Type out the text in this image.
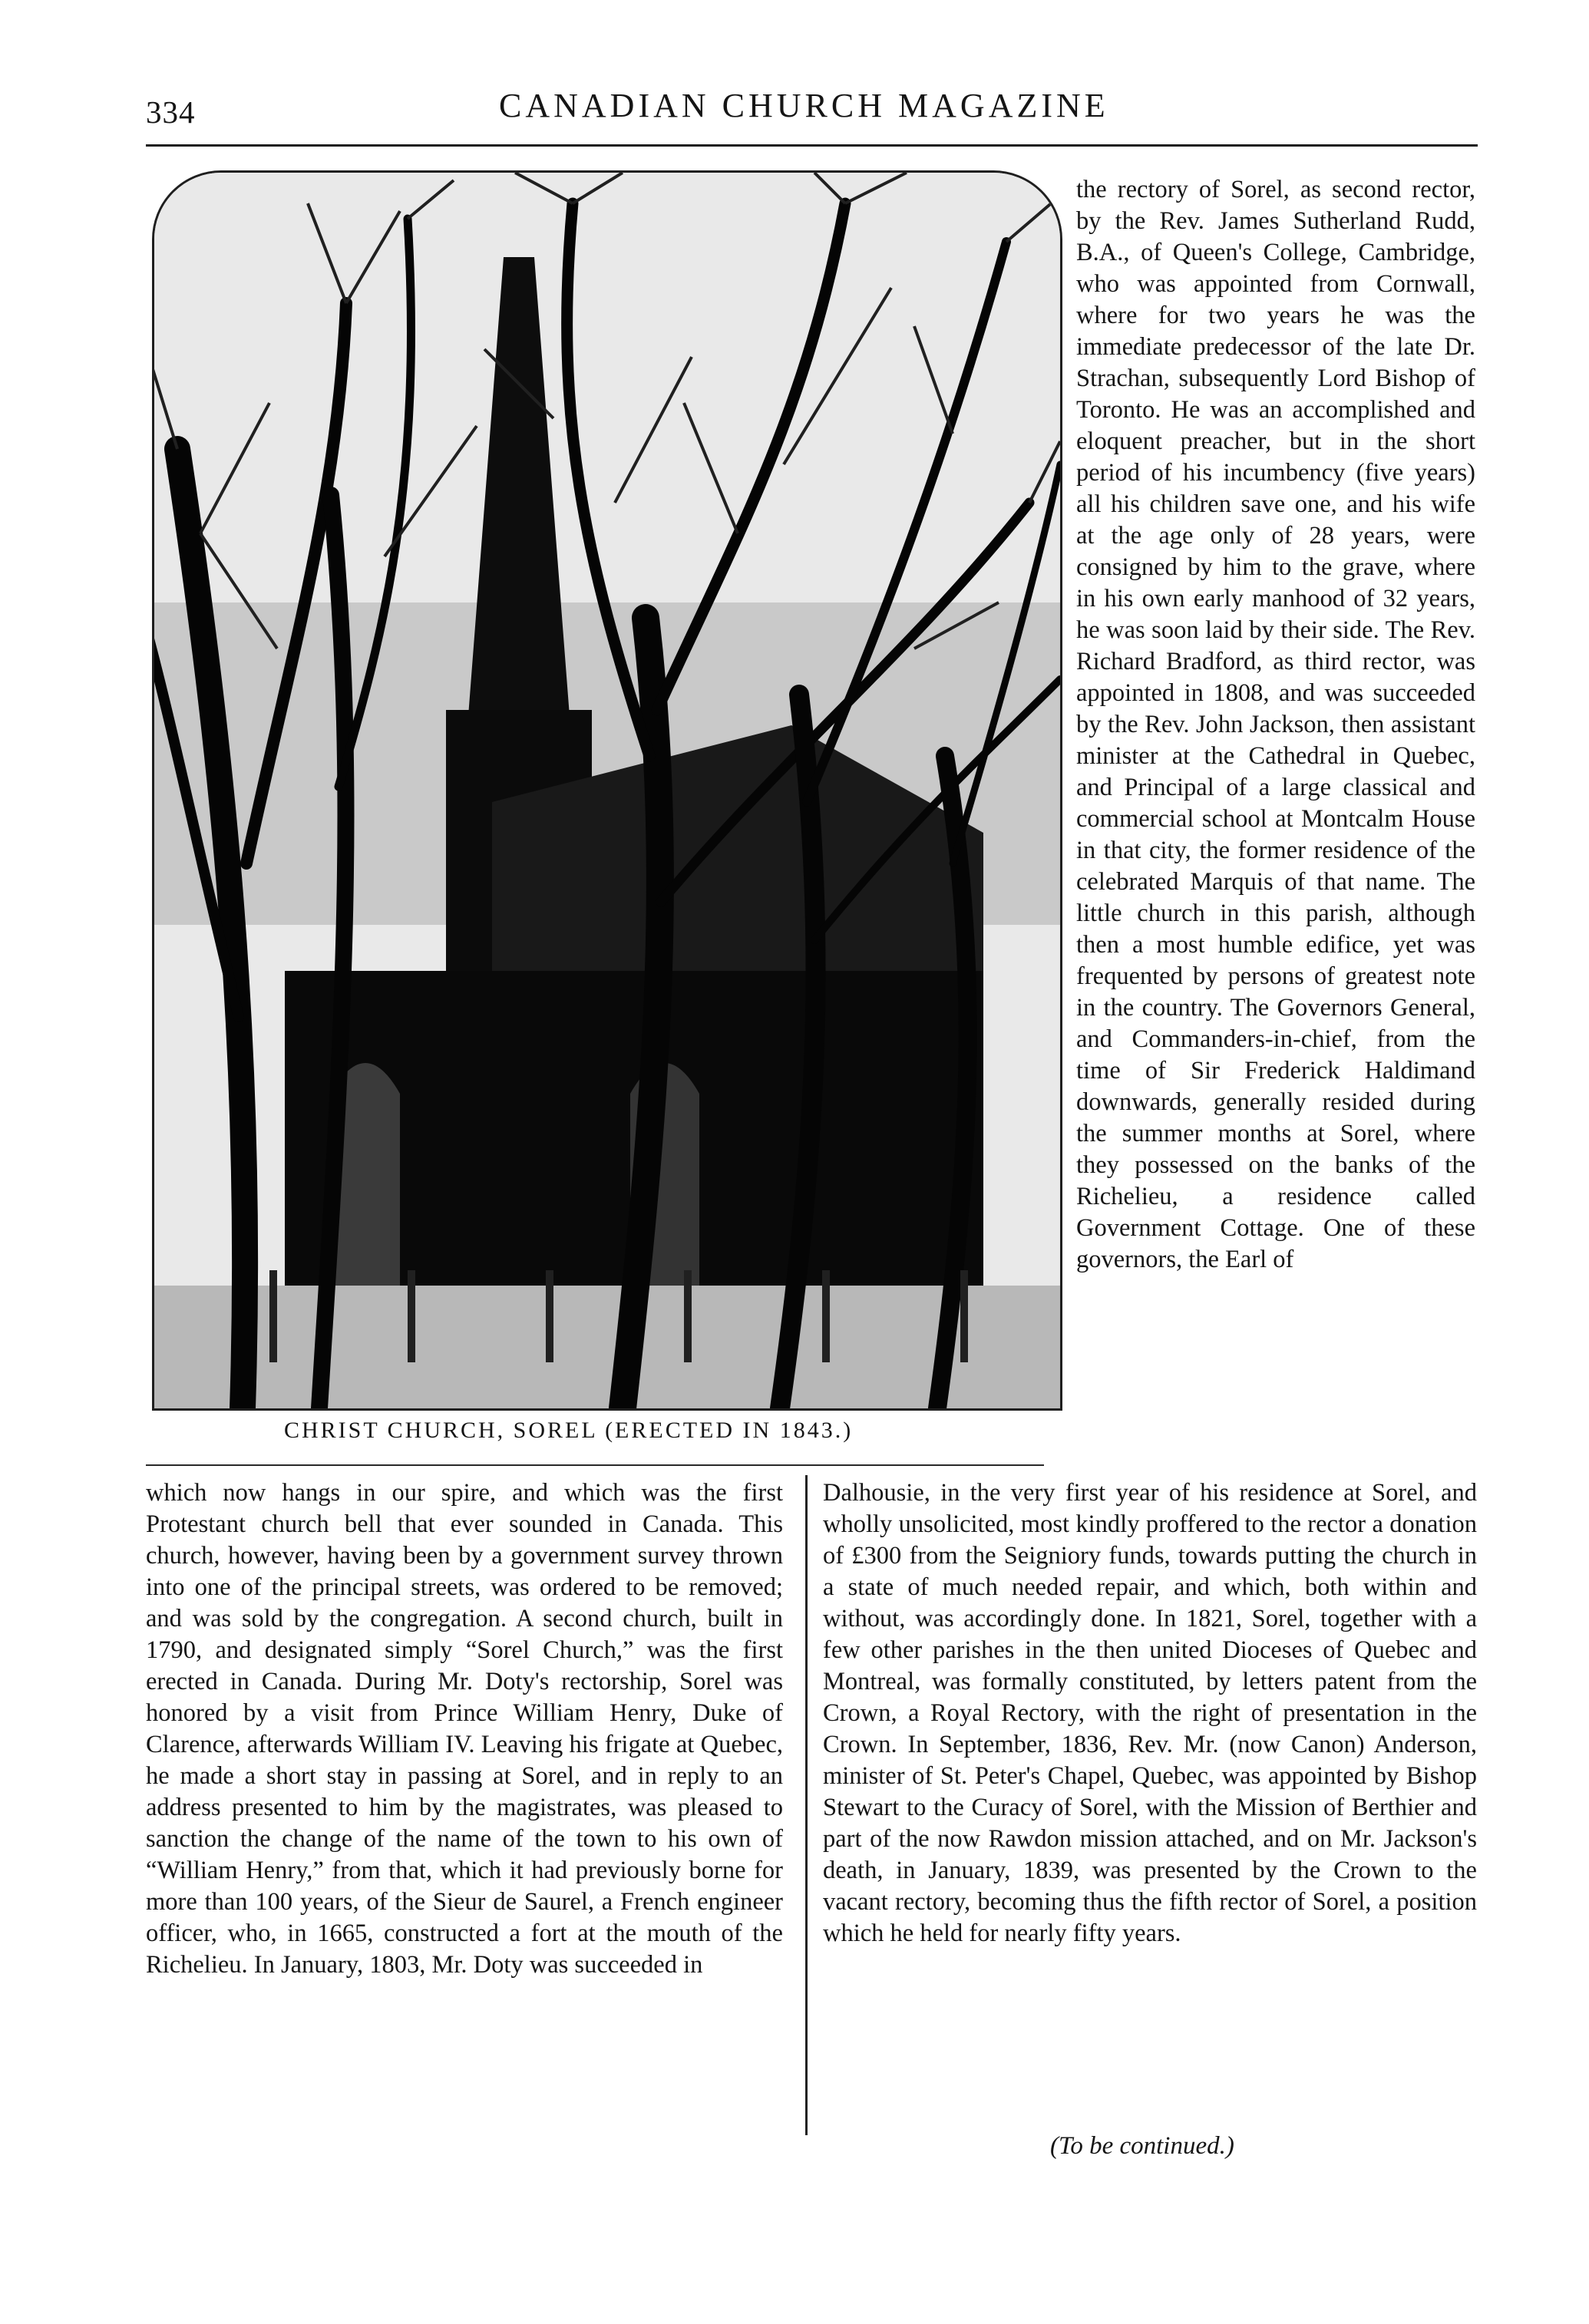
334	CANADIAN CHURCH MAGAZINE
CHRIST CHURCH, SOREL (ERECTED IN 1843.)

the rectory of Sorel, as second rector, by the Rev. James Sutherland Rudd, B.A., of Queen's College, Cambridge, who was appointed from Cornwall, where for two years he was the immediate predecessor of the late Dr. Strachan, subsequently Lord Bishop of Toronto. He was an accomplished and eloquent preacher, but in the short period of his incumbency (five years) all his children save one, and his wife at the age only of 28 years, were consigned by him to the grave, where in his own early manhood of 32 years, he was soon laid by their side. The Rev. Richard Bradford, as third rector, was appointed in 1808, and was succeeded by the Rev. John Jackson, then assistant minister at the Cathedral in Quebec, and Principal of a large classical and commercial school at Montcalm House in that city, the former residence of the celebrated Marquis of that name. The little church in this parish, although then a most humble edifice, yet was frequented by persons of greatest note in the country. The Governors General, and Commanders-in-chief, from the time of Sir Frederick Haldimand downwards, generally resided during the summer months at Sorel, where they possessed on the banks of the Richelieu, a residence called Government Cottage. One of these governors, the Earl of

which now hangs in our spire, and which was the first Protestant church bell that ever sounded in Canada. This church, however, having been by a government survey thrown into one of the principal streets, was ordered to be removed; and was sold by the congregation. A second church, built in 1790, and designated simply “Sorel Church,” was the first erected in Canada. During Mr. Doty's rectorship, Sorel was honored by a visit from Prince William Henry, Duke of Clarence, afterwards William IV. Leaving his frigate at Quebec, he made a short stay in passing at Sorel, and in reply to an address presented to him by the magistrates, was pleased to sanction the change of the name of the town to his own of “William Henry,” from that, which it had previously borne for more than 100 years, of the Sieur de Saurel, a French engineer officer, who, in 1665, constructed a fort at the mouth of the Richelieu. In January, 1803, Mr. Doty was succeeded in

Dalhousie, in the very first year of his residence at Sorel, and wholly unsolicited, most kindly proffered to the rector a donation of £300 from the Seigniory funds, towards putting the church in a state of much needed repair, and which, both within and without, was accordingly done. In 1821, Sorel, together with a few other parishes in the then united Dioceses of Quebec and Montreal, was formally constituted, by letters patent from the Crown, a Royal Rectory, with the right of presentation in the Crown. In September, 1836, Rev. Mr. (now Canon) Anderson, minister of St. Peter's Chapel, Quebec, was appointed by Bishop Stewart to the Curacy of Sorel, with the Mission of Berthier and part of the now Rawdon mission attached, and on Mr. Jackson's death, in January, 1839, was presented by the Crown to the vacant rectory, becoming thus the fifth rector of Sorel, a position which he held for nearly fifty years.

(To be continued.)
